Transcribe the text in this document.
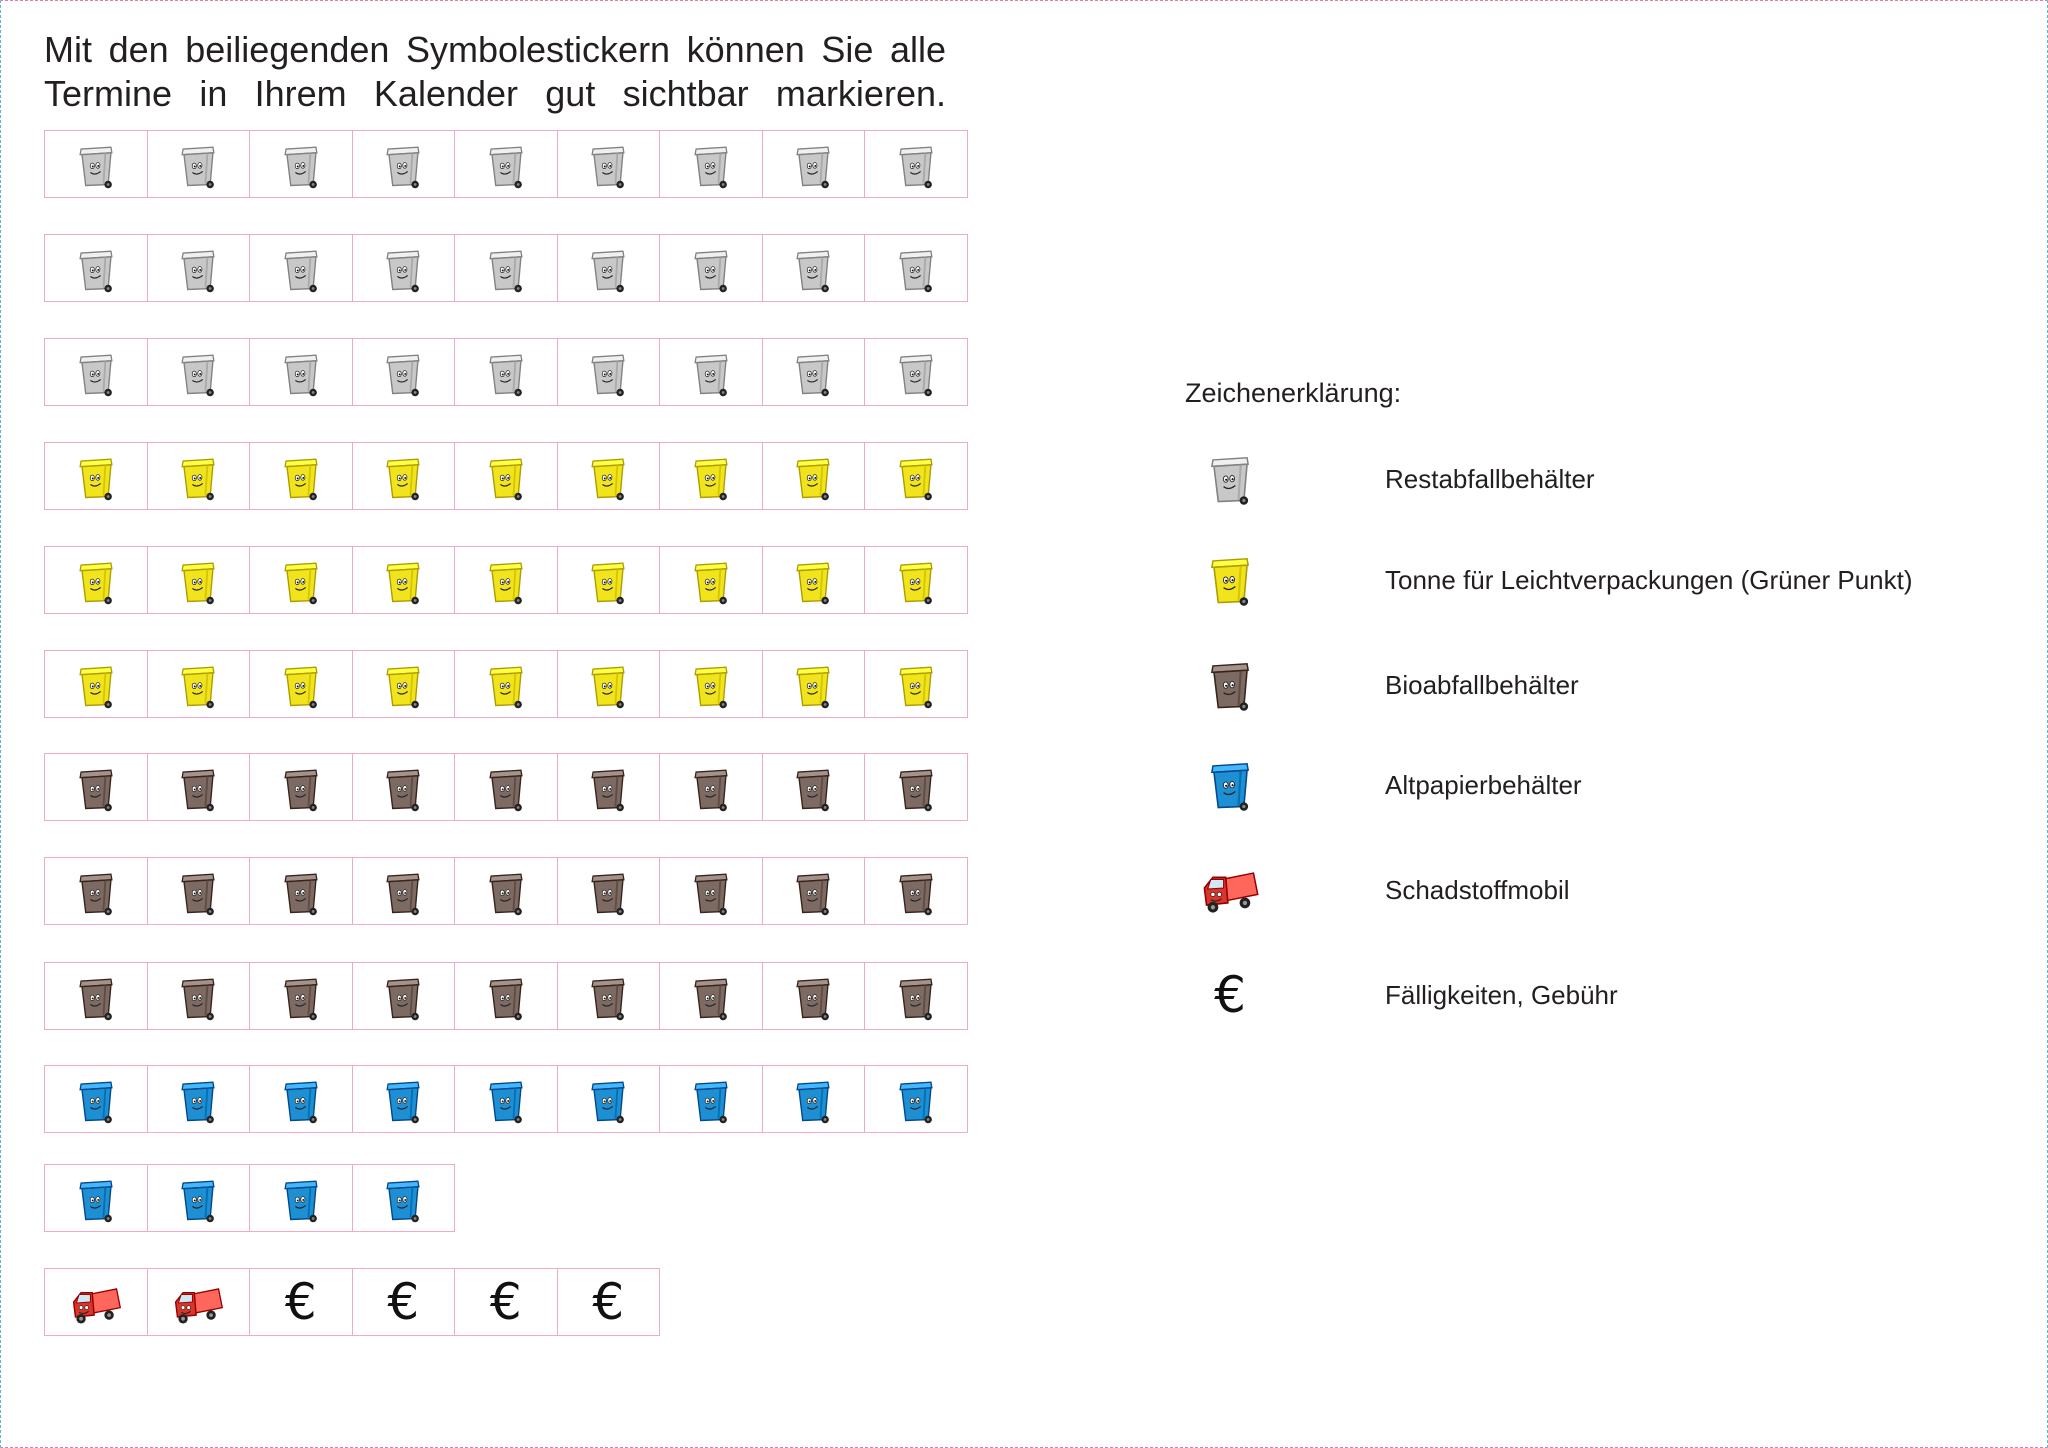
Mit den beiliegenden Symbolestickern können Sie alle
Termine in Ihrem Kalender gut sichtbar markieren.
€ € € €
Zeichenerklärung:
Restabfallbehälter
Tonne für Leichtverpackungen (Grüner Punkt)
Bioabfallbehälter
Altpapierbehälter
Schadstoffmobil
€	Fälligkeiten, Gebühr
